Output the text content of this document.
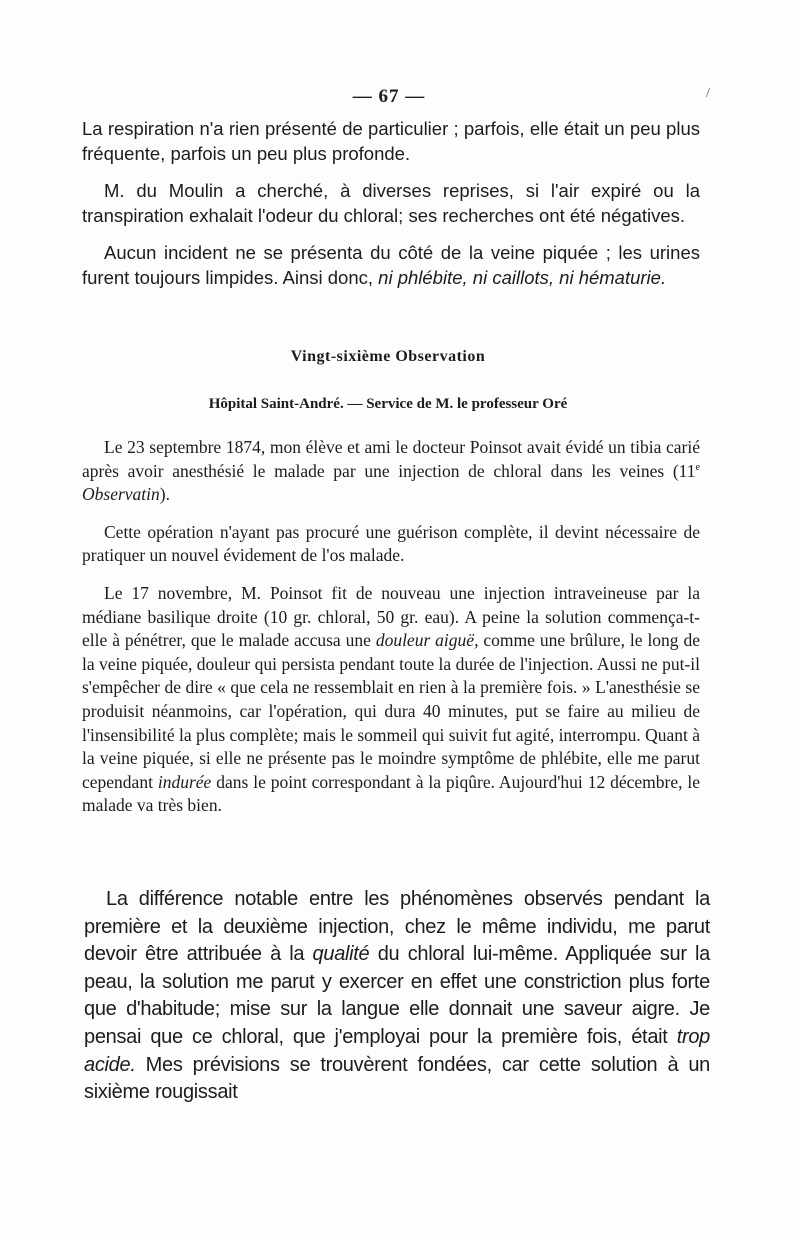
— 67 —	/

La respiration n'a rien présenté de particulier ; parfois, elle était un peu plus fréquente, parfois un peu plus profonde.

M. du Moulin a cherché, à diverses reprises, si l'air expiré ou la transpiration exhalait l'odeur du chloral; ses recherches ont été négatives.

Aucun incident ne se présenta du côté de la veine piquée ; les urines furent toujours limpides. Ainsi donc, ni phlébite, ni caillots, ni hématurie.

Vingt-sixième Observation
Hôpital Saint-André. — Service de M. le professeur Oré

Le 23 septembre 1874, mon élève et ami le docteur Poinsot avait évidé un tibia carié après avoir anesthésié le malade par une injection de chloral dans les veines (11e Observatin).

Cette opération n'ayant pas procuré une guérison complète, il devint nécessaire de pratiquer un nouvel évidement de l'os malade.

Le 17 novembre, M. Poinsot fit de nouveau une injection intraveineuse par la médiane basilique droite (10 gr. chloral, 50 gr. eau). A peine la solution commença-t-elle à pénétrer, que le malade accusa une douleur aiguë, comme une brûlure, le long de la veine piquée, douleur qui persista pendant toute la durée de l'injection. Aussi ne put-il s'empêcher de dire « que cela ne ressemblait en rien à la première fois. » L'anesthésie se produisit néanmoins, car l'opération, qui dura 40 minutes, put se faire au milieu de l'insensibilité la plus complète; mais le sommeil qui suivit fut agité, interrompu. Quant à la veine piquée, si elle ne présente pas le moindre symptôme de phlébite, elle me parut cependant indurée dans le point correspondant à la piqûre. Aujourd'hui 12 décembre, le malade va très bien.

La différence notable entre les phénomènes observés pendant la première et la deuxième injection, chez le même individu, me parut devoir être attribuée à la qualité du chloral lui-même. Appliquée sur la peau, la solution me parut y exercer en effet une constriction plus forte que d'habitude; mise sur la langue elle donnait une saveur aigre. Je pensai que ce chloral, que j'employai pour la première fois, était trop acide. Mes prévisions se trouvèrent fondées, car cette solution à un sixième rougissait
